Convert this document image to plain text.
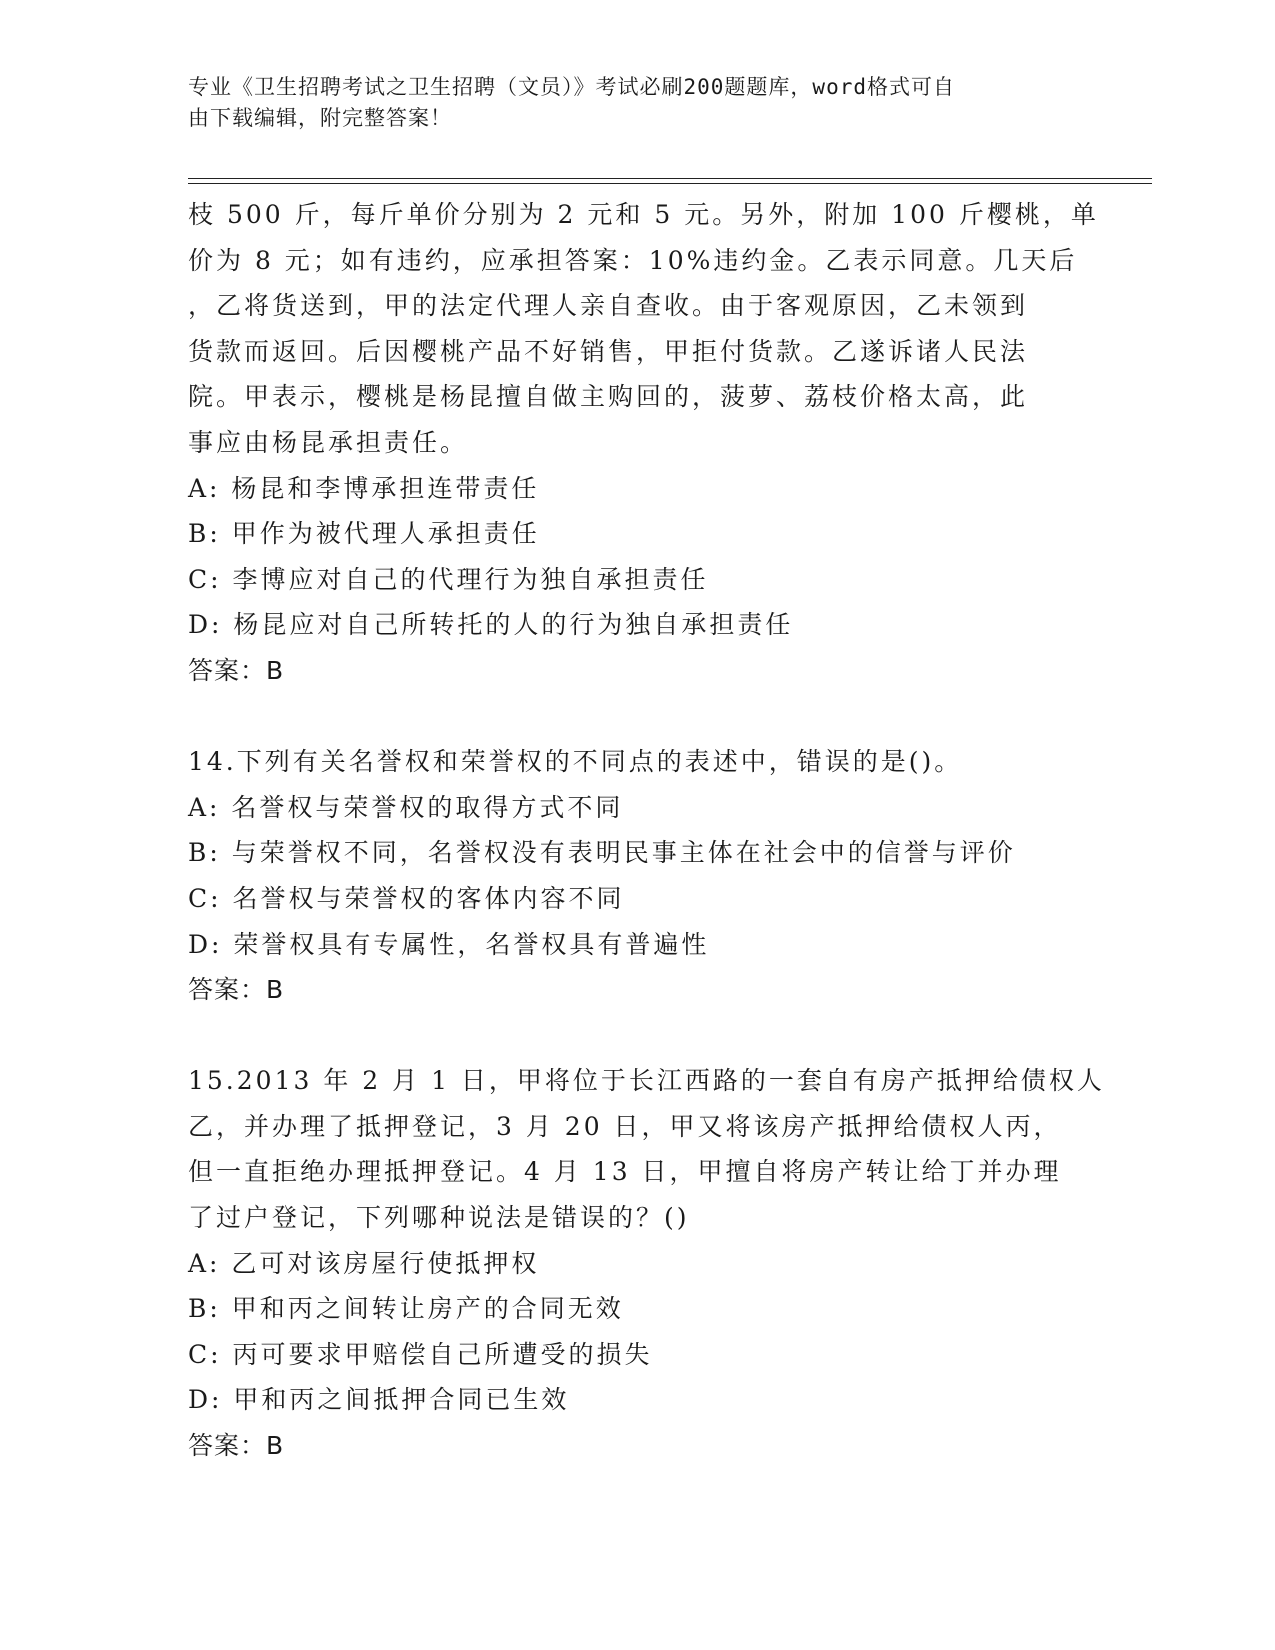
专业《卫生招聘考试之卫生招聘（文员）》考试必刷200题题库，word格式可自
由下载编辑，附完整答案！
枝 500 斤，每斤单价分别为 2 元和 5 元。另外，附加 100 斤樱桃，单
价为 8 元；如有违约，应承担答案：10%违约金。乙表示同意。几天后
，乙将货送到，甲的法定代理人亲自查收。由于客观原因，乙未领到
货款而返回。后因樱桃产品不好销售，甲拒付货款。乙遂诉诸人民法
院。甲表示，樱桃是杨昆擅自做主购回的，菠萝、荔枝价格太高，此
事应由杨昆承担责任。
A: 杨昆和李博承担连带责任
B: 甲作为被代理人承担责任
C: 李博应对自己的代理行为独自承担责任
D: 杨昆应对自己所转托的人的行为独自承担责任
答案：B
14.下列有关名誉权和荣誉权的不同点的表述中，错误的是()。
A: 名誉权与荣誉权的取得方式不同
B: 与荣誉权不同，名誉权没有表明民事主体在社会中的信誉与评价
C: 名誉权与荣誉权的客体内容不同
D: 荣誉权具有专属性，名誉权具有普遍性
答案：B
15.2013 年 2 月 1 日，甲将位于长江西路的一套自有房产抵押给债权人
乙，并办理了抵押登记，3 月 20 日，甲又将该房产抵押给债权人丙，
但一直拒绝办理抵押登记。4 月 13 日，甲擅自将房产转让给丁并办理
了过户登记，下列哪种说法是错误的？()
A: 乙可对该房屋行使抵押权
B: 甲和丙之间转让房产的合同无效
C: 丙可要求甲赔偿自己所遭受的损失
D: 甲和丙之间抵押合同已生效
答案：B
